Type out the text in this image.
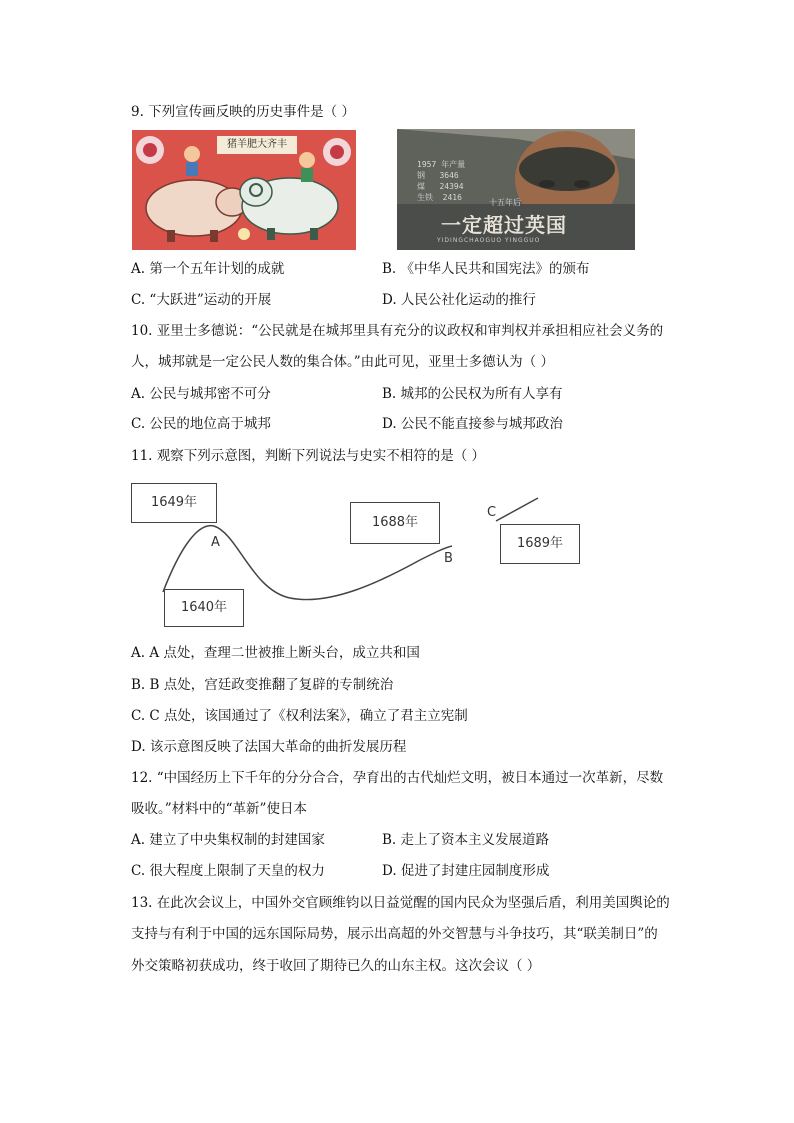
9. 下列宣传画反映的历史事件是（ ）
猪羊肥大齐丰
1957 年产量
钢   3646
煤   24394
生铁  2416
十五年后
一定超过英国
YIDINGCHAOGUO YINGGUO
A. 第一个五年计划的成就	B. 《中华人民共和国宪法》的颁布
C. “大跃进”运动的开展	D. 人民公社化运动的推行
10. 亚里士多德说：“公民就是在城邦里具有充分的议政权和审判权并承担相应社会义务的
人，城邦就是一定公民人数的集合体。”由此可见，亚里士多德认为（ ）
A. 公民与城邦密不可分	B. 城邦的公民权为所有人享有
C. 公民的地位高于城邦	D. 公民不能直接参与城邦政治
11. 观察下列示意图，判断下列说法与史实不相符的是（ ）
1649年
1640年
1688年
1689年
A
B
C
A. A 点处，查理二世被推上断头台，成立共和国
B. B 点处，宫廷政变推翻了复辟的专制统治
C. C 点处，该国通过了《权利法案》，确立了君主立宪制
D. 该示意图反映了法国大革命的曲折发展历程
12. “中国经历上下千年的分分合合，孕育出的古代灿烂文明，被日本通过一次革新，尽数
吸收。”材料中的“革新”使日本
A. 建立了中央集权制的封建国家	B. 走上了资本主义发展道路
C. 很大程度上限制了天皇的权力	D. 促进了封建庄园制度形成
13. 在此次会议上，中国外交官顾维钧以日益觉醒的国内民众为坚强后盾，利用美国舆论的
支持与有利于中国的远东国际局势，展示出高超的外交智慧与斗争技巧，其“联美制日”的
外交策略初获成功，终于收回了期待已久的山东主权。这次会议（ ）
